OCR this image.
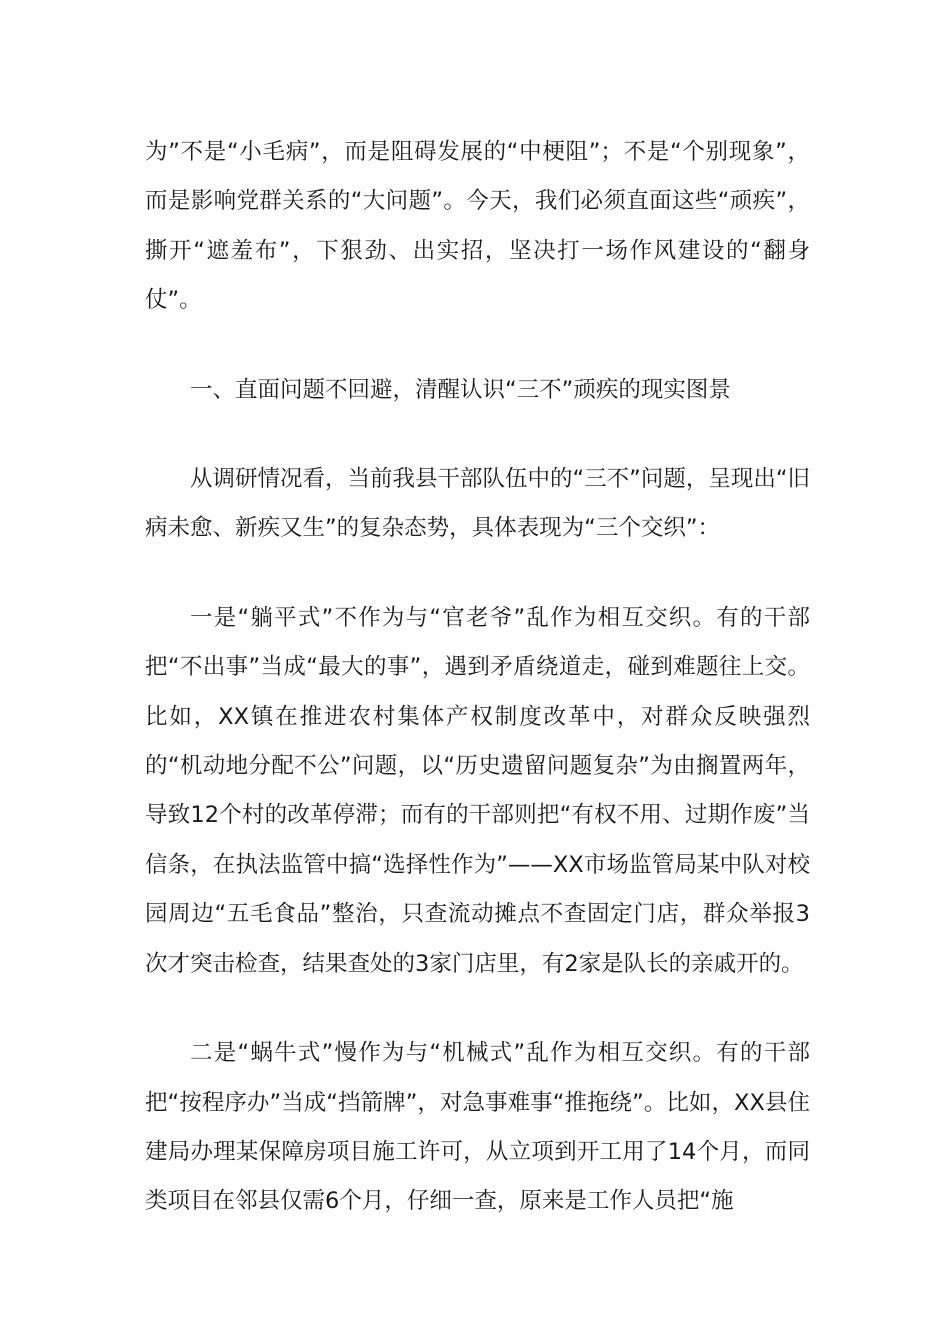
为”不是“小毛病”，而是阻碍发展的“中梗阻”；不是“个别现象”，而是影响党群关系的“大问题”。今天，我们必须直面这些“顽疾”，撕开“遮羞布”，下狠劲、出实招，坚决打一场作风建设的“翻身仗”。

一、直面问题不回避，清醒认识“三不”顽疾的现实图景

从调研情况看，当前我县干部队伍中的“三不”问题，呈现出“旧病未愈、新疾又生”的复杂态势，具体表现为“三个交织”：

一是“躺平式”不作为与“官老爷”乱作为相互交织。有的干部把“不出事”当成“最大的事”，遇到矛盾绕道走，碰到难题往上交。比如，XX镇在推进农村集体产权制度改革中，对群众反映强烈的“机动地分配不公”问题，以“历史遗留问题复杂”为由搁置两年，导致12个村的改革停滞；而有的干部则把“有权不用、过期作废”当信条，在执法监管中搞“选择性作为”——XX市场监管局某中队对校园周边“五毛食品”整治，只查流动摊点不查固定门店，群众举报3次才突击检查，结果查处的3家门店里，有2家是队长的亲戚开的。

二是“蜗牛式”慢作为与“机械式”乱作为相互交织。有的干部把“按程序办”当成“挡箭牌”，对急事难事“推拖绕”。比如，XX县住建局办理某保障房项目施工许可，从立项到开工用了14个月，而同类项目在邻县仅需6个月，仔细一查，原来是工作人员把“施
